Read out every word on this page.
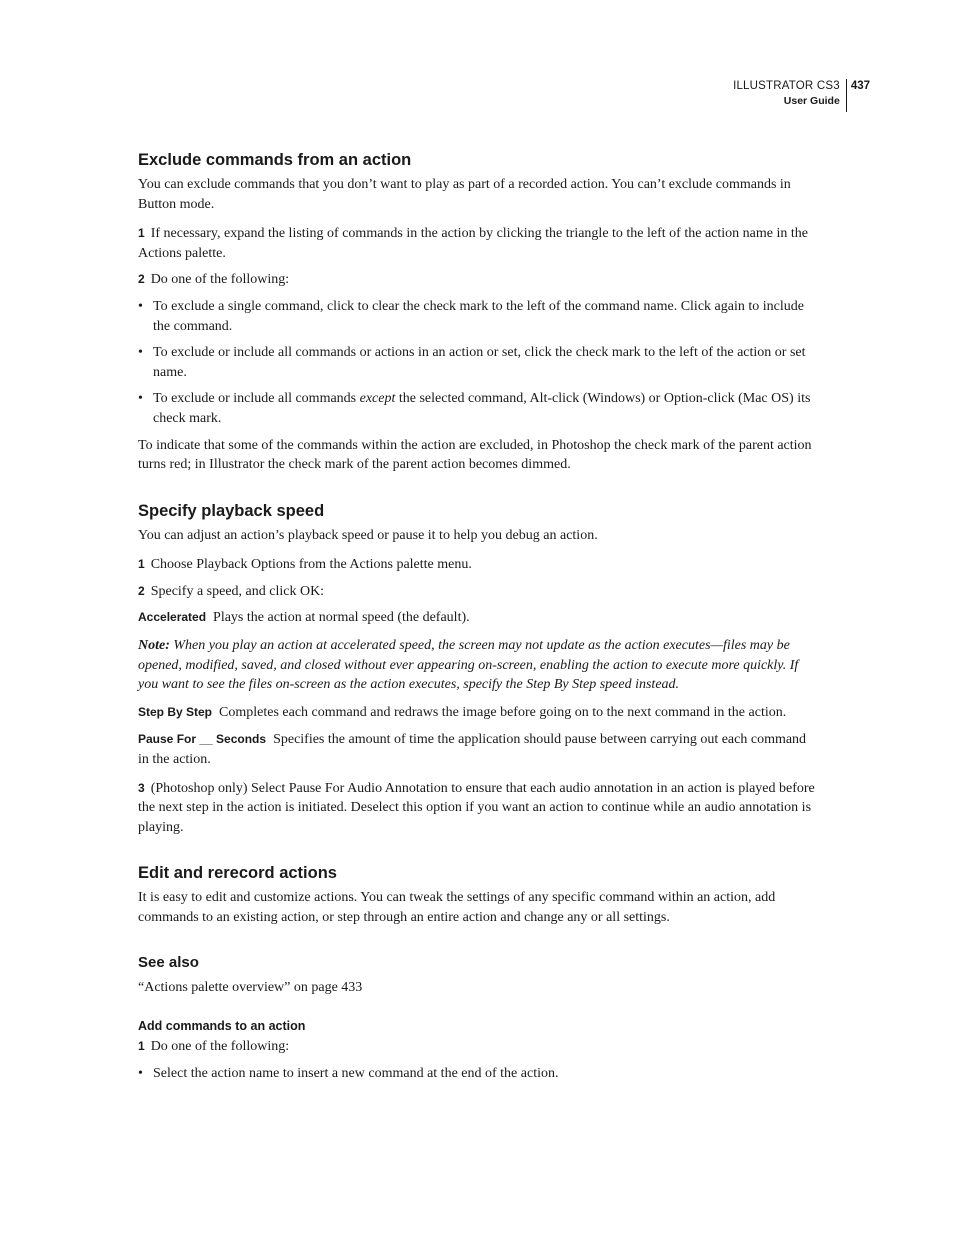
ILLUSTRATOR CS3
User Guide
437
Exclude commands from an action

You can exclude commands that you don’t want to play as part of a recorded action. You can’t exclude commands in Button mode.

1 If necessary, expand the listing of commands in the action by clicking the triangle to the left of the action name in the Actions palette.

2 Do one of the following:

• To exclude a single command, click to clear the check mark to the left of the command name. Click again to include the command.
• To exclude or include all commands or actions in an action or set, click the check mark to the left of the action or set name.
• To exclude or include all commands except the selected command, Alt-click (Windows) or Option-click (Mac OS) its check mark.

To indicate that some of the commands within the action are excluded, in Photoshop the check mark of the parent action turns red; in Illustrator the check mark of the parent action becomes dimmed.

Specify playback speed

You can adjust an action’s playback speed or pause it to help you debug an action.

1 Choose Playback Options from the Actions palette menu.

2 Specify a speed, and click OK:

Accelerated Plays the action at normal speed (the default).

Note: When you play an action at accelerated speed, the screen may not update as the action executes—files may be opened, modified, saved, and closed without ever appearing on-screen, enabling the action to execute more quickly. If you want to see the files on-screen as the action executes, specify the Step By Step speed instead.

Step By Step Completes each command and redraws the image before going on to the next command in the action.

Pause For __ Seconds Specifies the amount of time the application should pause between carrying out each command in the action.

3 (Photoshop only) Select Pause For Audio Annotation to ensure that each audio annotation in an action is played before the next step in the action is initiated. Deselect this option if you want an action to continue while an audio annotation is playing.

Edit and rerecord actions

It is easy to edit and customize actions. You can tweak the settings of any specific command within an action, add commands to an existing action, or step through an entire action and change any or all settings.

See also

“Actions palette overview” on page 433

Add commands to an action

1 Do one of the following:

• Select the action name to insert a new command at the end of the action.
